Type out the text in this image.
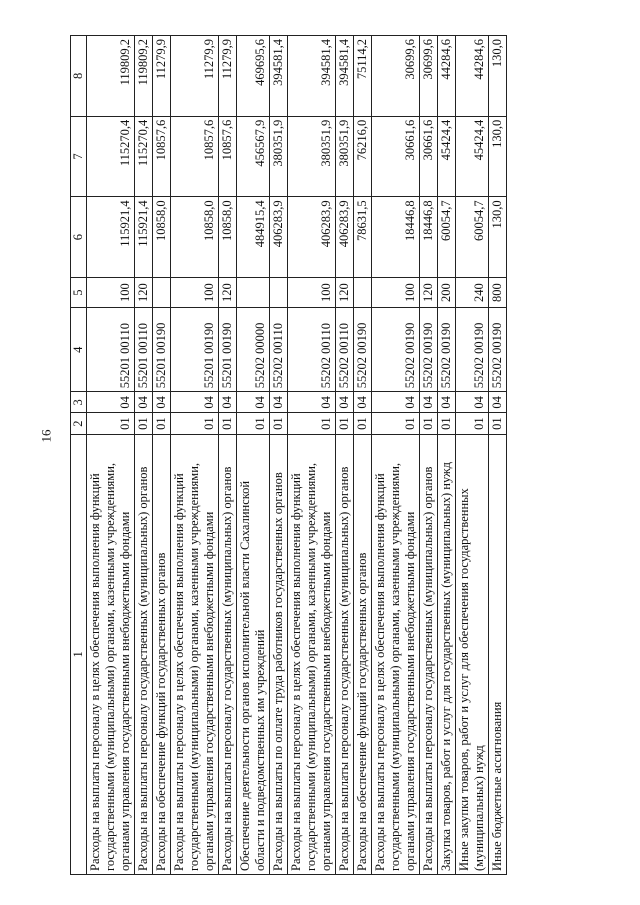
16
1	2	3	4	5	6	7	8
Расходы на выплаты персоналу в целях обеспечения выполнения функций государственными (муниципальными) органами, казенными учреждениями, органами управления государственными внебюджетными фондами	01	04	55201 00110	100	115921,4	115270,4	119809,2
Расходы на выплаты персоналу государственных (муниципальных) органов	01	04	55201 00110	120	115921,4	115270,4	119809,2
Расходы на обеспечение функций государственных органов	01	04	55201 00190		10858,0	10857,6	11279,9
Расходы на выплаты персоналу в целях обеспечения выполнения функций государственными (муниципальными) органами, казенными учреждениями, органами управления государственными внебюджетными фондами	01	04	55201 00190	100	10858,0	10857,6	11279,9
Расходы на выплаты персоналу государственных (муниципальных) органов	01	04	55201 00190	120	10858,0	10857,6	11279,9
Обеспечение деятельности органов исполнительной власти Сахалинской области и подведомственных им учреждений	01	04	55202 00000		484915,4	456567,9	469695,6
Расходы на выплаты по оплате труда работников государственных органов	01	04	55202 00110		406283,9	380351,9	394581,4
Расходы на выплаты персоналу в целях обеспечения выполнения функций государственными (муниципальными) органами, казенными учреждениями, органами управления государственными внебюджетными фондами	01	04	55202 00110	100	406283,9	380351,9	394581,4
Расходы на выплаты персоналу государственных (муниципальных) органов	01	04	55202 00110	120	406283,9	380351,9	394581,4
Расходы на обеспечение функций государственных органов	01	04	55202 00190		78631,5	76216,0	75114,2
Расходы на выплаты персоналу в целях обеспечения выполнения функций государственными (муниципальными) органами, казенными учреждениями, органами управления государственными внебюджетными фондами	01	04	55202 00190	100	18446,8	30661,6	30699,6
Расходы на выплаты персоналу государственных (муниципальных) органов	01	04	55202 00190	120	18446,8	30661,6	30699,6
Закупка товаров, работ и услуг для государственных (муниципальных) нужд	01	04	55202 00190	200	60054,7	45424,4	44284,6
Иные закупки товаров, работ и услуг для обеспечения государственных (муниципальных) нужд	01	04	55202 00190	240	60054,7	45424,4	44284,6
Иные бюджетные ассигнования	01	04	55202 00190	800	130,0	130,0	130,0
